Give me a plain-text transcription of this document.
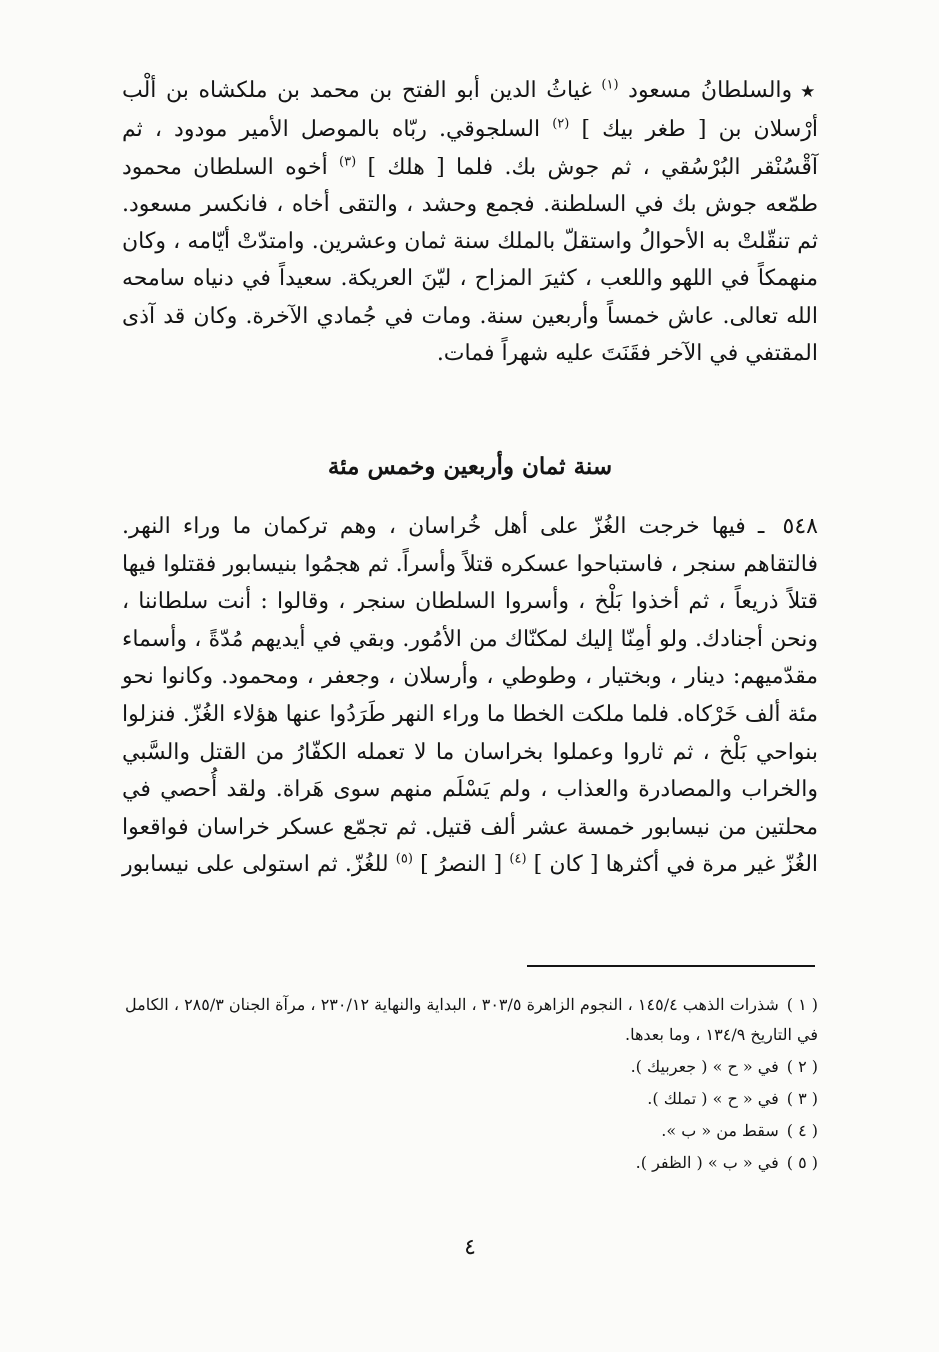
★والسلطانُ مسعود $^{(١)}$ غياثُ الدين أبو الفتح بن محمد بن ملكشاه بن ألْب أرْسلان بن [ طغر بيك ] $^{(٢)}$ السلجوقي. ربّاه بالموصل الأمير مودود ، ثم آقْسُنْقر البُرْسُقي ، ثم جوش بك. فلما [ هلك ] $^{(٣)}$ أخوه السلطان محمود طمّعه جوش بك في السلطنة. فجمع وحشد ، والتقى أخاه ، فانكسر مسعود. ثم تنقّلتْ به الأحوالُ واستقلّ بالملك سنة ثمان وعشرين. وامتدّتْ أيّامه ، وكان منهمكاً في اللهو واللعب ، كثيرَ المزاح ، ليّنَ العريكة. سعيداً في دنياه سامحه الله تعالى. عاش خمساً وأربعين سنة. ومات في جُمادي الآخرة. وكان قد آذى المقتفي في الآخر فقَنَتَ عليه شهراً فمات.

سنة ثمان وأربعين وخمس مئة

٥٤٨ ـ فيها خرجت الغُزّ على أهل خُراسان ، وهم تركمان ما وراء النهر. فالتقاهم سنجر ، فاستباحوا عسكره قتلاً وأسراً. ثم هجمُوا بنيسابور فقتلوا فيها قتلاً ذريعاً ، ثم أخذوا بَلْخ ، وأسروا السلطان سنجر ، وقالوا : أنت سلطاننا ، ونحن أجنادك. ولو أمِنّا إليك لمكنّاك من الأمُور. وبقي في أيديهم مُدّةً ، وأسماء مقدّميهم: دينار ، وبختيار ، وطوطي ، وأرسلان ، وجعفر ، ومحمود. وكانوا نحو مئة ألف خَرْكاه. فلما ملكت الخطا ما وراء النهر طَرَدُوا عنها هؤلاء الغُزّ. فنزلوا بنواحي بَلْخ ، ثم ثاروا وعملوا بخراسان ما لا تعمله الكفّارُ من القتل والسَّبي والخراب والمصادرة والعذاب ، ولم يَسْلَم منهم سوى هَراة. ولقد أُحصي في محلتين من نيسابور خمسة عشر ألف قتيل. ثم تجمّع عسكر خراسان فواقعوا الغُزّ غير مرة في أكثرها [ كان ] $^{(٤)}$ [ النصرُ ] $^{(٥)}$ للغُزّ. ثم استولى على نيسابور

( ١ )شذرات الذهب ١٤٥/٤ ، النجوم الزاهرة ٣٠٣/٥ ، البداية والنهاية ٢٣٠/١٢ ، مرآة الجنان ٢٨٥/٣ ، الكامل في التاريخ ١٣٤/٩ ، وما بعدها.

( ٢ )في « ح » ( جعربيك ).

( ٣ )في « ح » ( تملك ).

( ٤ )سقط من « ب ».

( ٥ )في « ب » ( الظفر ).

٤
